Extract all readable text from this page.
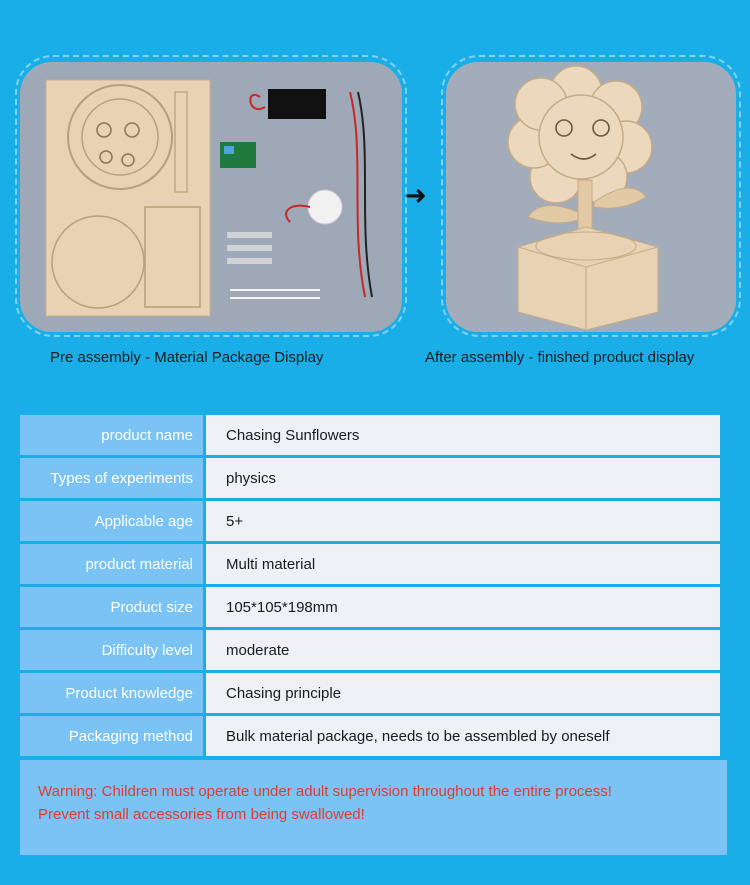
➜
Pre assembly - Material Package Display	After assembly - finished product display
product name	Chasing Sunflowers
Types of experiments	physics
Applicable age	5+
product material	Multi material
Product size	105*105*198mm
Difficulty level	moderate
Product knowledge	Chasing principle
Packaging method	Bulk material package, needs to be assembled by oneself
Warning: Children must operate under adult supervision throughout the entire process!
Prevent small accessories from being swallowed!
